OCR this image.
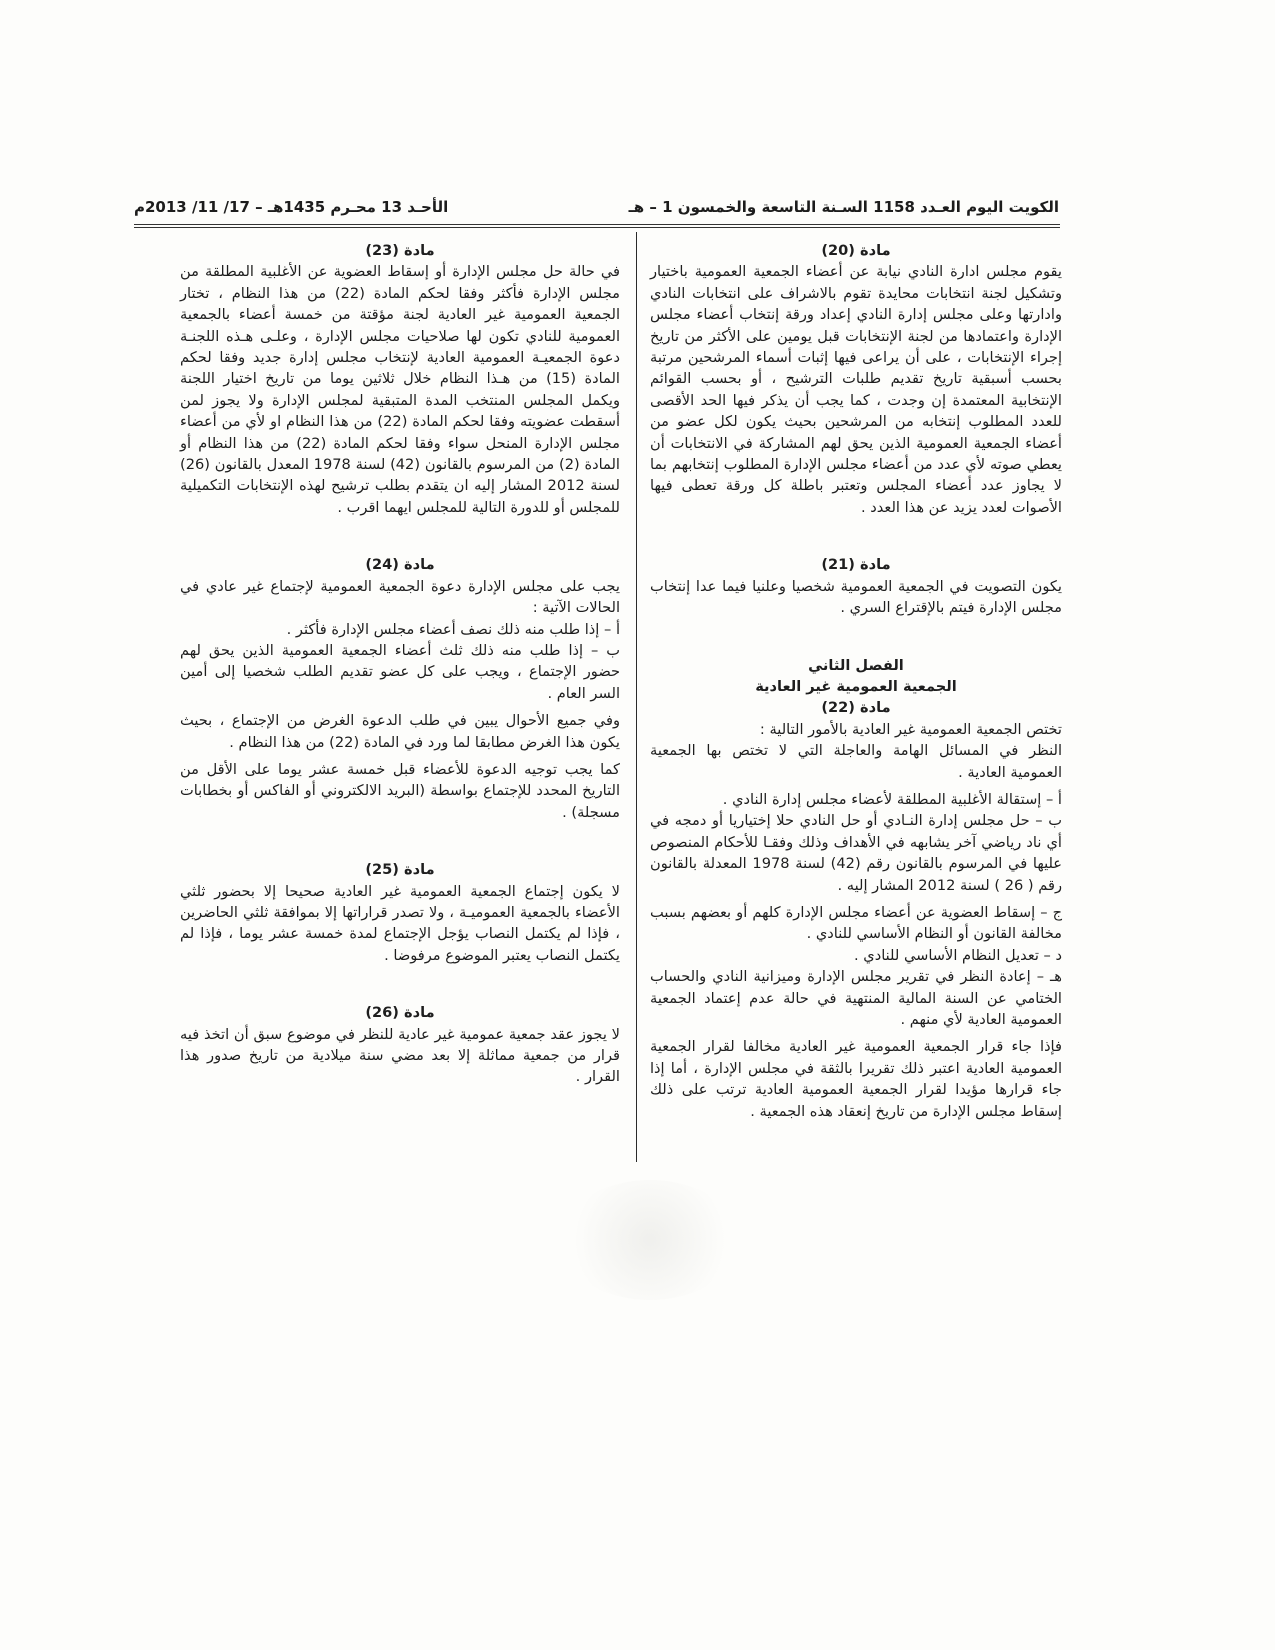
الكويت اليوم العـدد 1158 السـنة التاسعة والخمسون 1 – هـ
الأحـد 13 محـرم 1435هـ – 17/ 11/ 2013م

مادة (20)

يقوم مجلس ادارة النادي نيابة عن أعضاء الجمعية العمومية باختيار وتشكيل لجنة انتخابات محايدة تقوم بالاشراف على انتخابات النادي وادارتها وعلى مجلس إدارة النادي إعداد ورقة إنتخاب أعضاء مجلس الإدارة واعتمادها من لجنة الإنتخابات قبل يومين على الأكثر من تاريخ إجراء الإنتخابات ، على أن يراعى فيها إثبات أسماء المرشحين مرتبة بحسب أسبقية تاريخ تقديم طلبات الترشيح ، أو بحسب القوائم الإنتخابية المعتمدة إن وجدت ، كما يجب أن يذكر فيها الحد الأقصى للعدد المطلوب إنتخابه من المرشحين بحيث يكون لكل عضو من أعضاء الجمعية العمومية الذين يحق لهم المشاركة في الانتخابات أن يعطي صوته لأي عدد من أعضاء مجلس الإدارة المطلوب إنتخابهم بما لا يجاوز عدد أعضاء المجلس وتعتبر باطلة كل ورقة تعطى فيها الأصوات لعدد يزيد عن هذا العدد .

مادة (21)

يكون التصويت في الجمعية العمومية شخصيا وعلنيا فيما عدا إنتخاب مجلس الإدارة فيتم بالإقتراع السري .

الفصل الثاني

الجمعية العمومية غير العادية

مادة (22)

تختص الجمعية العمومية غير العادية بالأمور التالية :

النظر في المسائل الهامة والعاجلة التي لا تختص بها الجمعية العمومية العادية .

أ – إستقالة الأغلبية المطلقة لأعضاء مجلس إدارة النادي .

ب – حل مجلس إدارة النـادي أو حل النادي حلا إختياريا أو دمجه في أي ناد رياضي آخر يشابهه في الأهداف وذلك وفقـا للأحكام المنصوص عليها في المرسوم بالقانون رقم (42) لسنة 1978 المعدلة بالقانون رقم ( 26 ) لسنة 2012 المشار إليه .

ج – إسقاط العضوية عن أعضاء مجلس الإدارة كلهم أو بعضهم بسبب مخالفة القانون أو النظام الأساسي للنادي .

د – تعديل النظام الأساسي للنادي .

هـ – إعادة النظر في تقرير مجلس الإدارة وميزانية النادي والحساب الختامي عن السنة المالية المنتهية في حالة عدم إعتماد الجمعية العمومية العادية لأي منهم .

فإذا جاء قرار الجمعية العمومية غير العادية مخالفا لقرار الجمعية العمومية العادية اعتبر ذلك تقريرا بالثقة في مجلس الإدارة ، أما إذا جاء قرارها مؤيدا لقرار الجمعية العمومية العادية ترتب على ذلك إسقاط مجلس الإدارة من تاريخ إنعقاد هذه الجمعية .

مادة (23)

في حالة حل مجلس الإدارة أو إسقاط العضوية عن الأغلبية المطلقة من مجلس الإدارة فأكثر وفقا لحكم المادة (22) من هذا النظام ، تختار الجمعية العمومية غير العادية لجنة مؤقتة من خمسة أعضاء بالجمعية العمومية للنادي تكون لها صلاحيات مجلس الإدارة ، وعلـى هـذه اللجنـة دعوة الجمعيـة العمومية العادية لإنتخاب مجلس إدارة جديد وفقا لحكم المادة (15) من هـذا النظام خلال ثلاثين يوما من تاريخ اختيار اللجنة ويكمل المجلس المنتخب المدة المتبقية لمجلس الإدارة ولا يجوز لمن أسقطت عضويته وفقا لحكم المادة (22) من هذا النظام او لأي من أعضاء مجلس الإدارة المنحل سواء وفقا لحكم المادة (22) من هذا النظام أو المادة (2) من المرسوم بالقانون (42) لسنة 1978 المعدل بالقانون (26) لسنة 2012 المشار إليه ان يتقدم بطلب ترشيح لهذه الإنتخابات التكميلية للمجلس أو للدورة التالية للمجلس ايهما اقرب .

مادة (24)

يجب على مجلس الإدارة دعوة الجمعية العمومية لإجتماع غير عادي في الحالات الآتية :

أ – إذا طلب منه ذلك نصف أعضاء مجلس الإدارة فأكثر .

ب – إذا طلب منه ذلك ثلث أعضاء الجمعية العمومية الذين يحق لهم حضور الإجتماع ، ويجب على كل عضو تقديم الطلب شخصيا إلى أمين السر العام .

وفي جميع الأحوال يبين في طلب الدعوة الغرض من الإجتماع ، بحيث يكون هذا الغرض مطابقا لما ورد في المادة (22) من هذا النظام .

كما يجب توجيه الدعوة للأعضاء قبل خمسة عشر يوما على الأقل من التاريخ المحدد للإجتماع بواسطة (البريد الالكتروني أو الفاكس أو بخطابات مسجلة) .

مادة (25)

لا يكون إجتماع الجمعية العمومية غير العادية صحيحا إلا بحضور ثلثي الأعضاء بالجمعية العموميـة ، ولا تصدر قراراتها إلا بموافقة ثلثي الحاضرين ، فإذا لم يكتمل النصاب يؤجل الإجتماع لمدة خمسة عشر يوما ، فإذا لم يكتمل النصاب يعتبر الموضوع مرفوضا .

مادة (26)

لا يجوز عقد جمعية عمومية غير عادية للنظر في موضوع سبق أن اتخذ فيه قرار من جمعية مماثلة إلا بعد مضي سنة ميلادية من تاريخ صدور هذا القرار .
